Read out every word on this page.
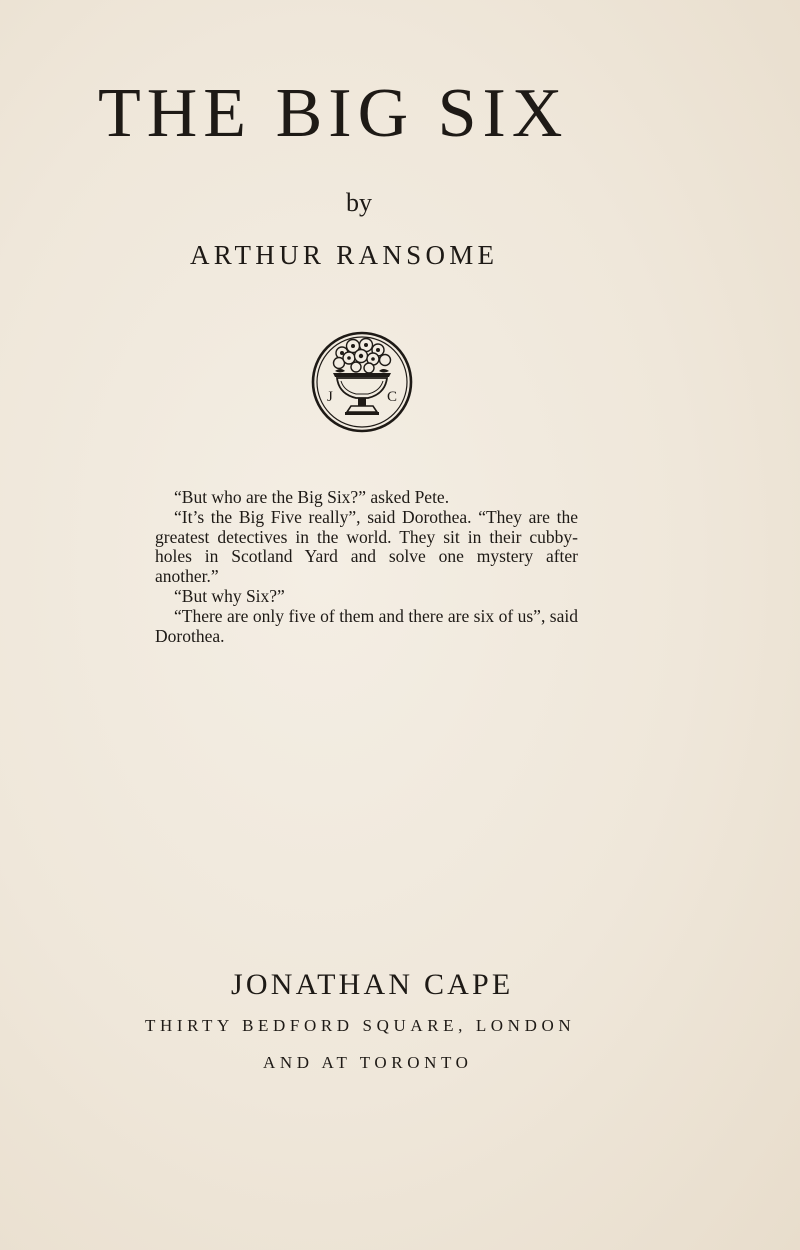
THE BIG SIX
by
ARTHUR RANSOME
J	C

“But who are the Big Six?” asked Pete.

“It’s the Big Five really”, said Dorothea. “They are the greatest detectives in the world. They sit in their cubby-holes in Scotland Yard and solve one mystery after another.”

“But why Six?”

“There are only five of them and there are six of us”, said Dorothea.

JONATHAN CAPE
THIRTY BEDFORD SQUARE, LONDON
AND AT TORONTO
